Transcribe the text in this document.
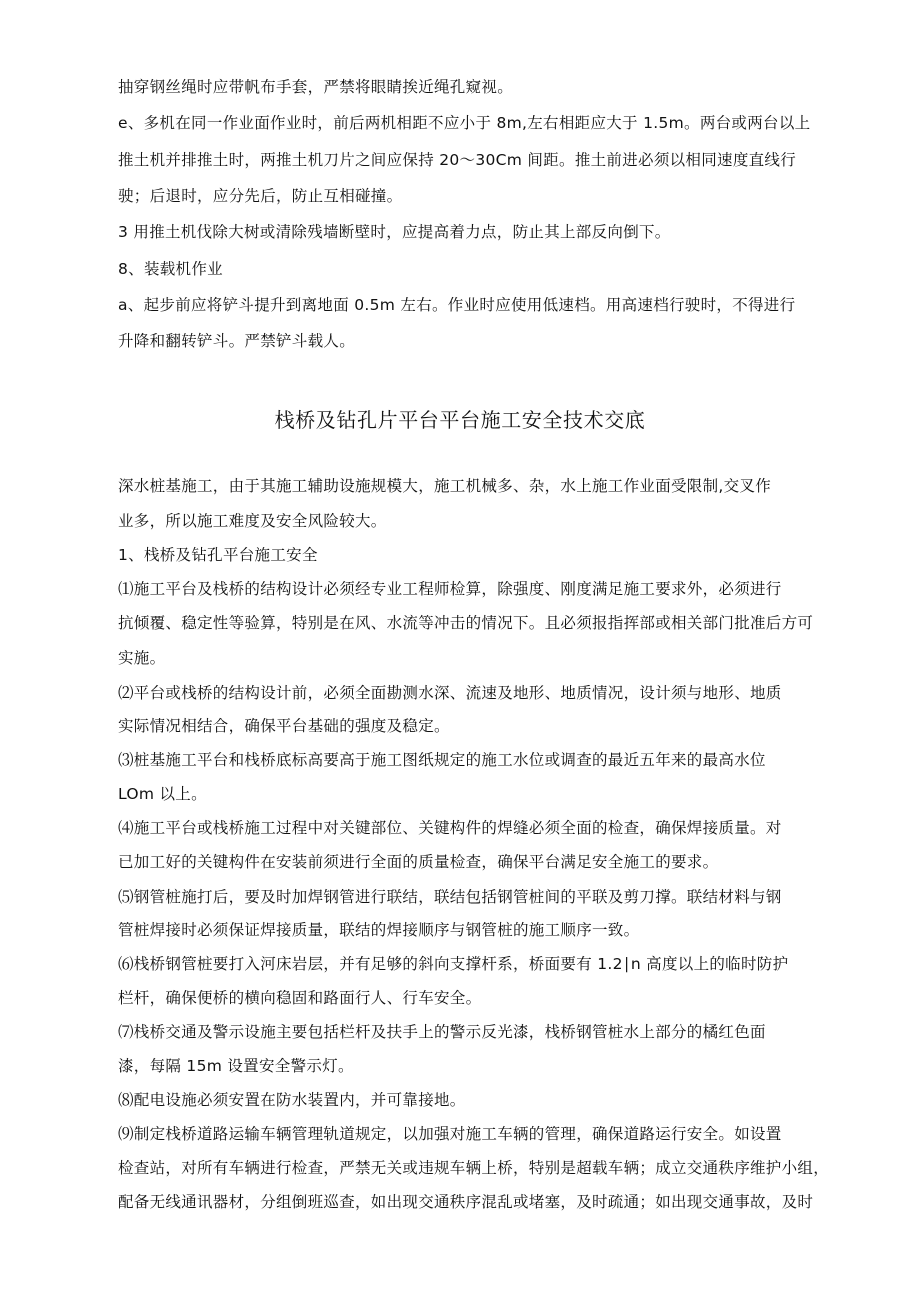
抽穿钢丝绳时应带帆布手套，严禁将眼睛挨近绳孔窥视。
e、多机在同一作业面作业时，前后两机相距不应小于 8m,左右相距应大于 1.5m。两台或两台以上
推土机并排推土时，两推土机刀片之间应保持 20～30Cm 间距。推土前进必须以相同速度直线行
驶；后退时，应分先后，防止互相碰撞。
3 用推土机伐除大树或清除残墙断壁时，应提高着力点，防止其上部反向倒下。
8、装载机作业
a、起步前应将铲斗提升到离地面 0.5m 左右。作业时应使用低速档。用高速档行驶时，不得进行
升降和翻转铲斗。严禁铲斗载人。
栈桥及钻孔片平台平台施工安全技术交底
深水桩基施工，由于其施工辅助设施规模大，施工机械多、杂，水上施工作业面受限制,交叉作
业多，所以施工难度及安全风险较大。
1、栈桥及钻孔平台施工安全
⑴施工平台及栈桥的结构设计必须经专业工程师检算，除强度、刚度满足施工要求外，必须进行
抗倾覆、稳定性等验算，特别是在风、水流等冲击的情况下。且必须报指挥部或相关部门批准后方可
实施。
⑵平台或栈桥的结构设计前，必须全面勘测水深、流速及地形、地质情况，设计须与地形、地质
实际情况相结合，确保平台基础的强度及稳定。
⑶桩基施工平台和栈桥底标高要高于施工图纸规定的施工水位或调查的最近五年来的最高水位
LOm 以上。
⑷施工平台或栈桥施工过程中对关键部位、关键构件的焊缝必须全面的检查，确保焊接质量。对
已加工好的关键构件在安装前须进行全面的质量检查，确保平台满足安全施工的要求。
⑸钢管桩施打后，要及时加焊钢管进行联结，联结包括钢管桩间的平联及剪刀撑。联结材料与钢
管桩焊接时必须保证焊接质量，联结的焊接顺序与钢管桩的施工顺序一致。
⑹栈桥钢管桩要打入河床岩层，并有足够的斜向支撑杆系，桥面要有 1.2∣n 高度以上的临时防护
栏杆，确保便桥的横向稳固和路面行人、行车安全。
⑺栈桥交通及警示设施主要包括栏杆及扶手上的警示反光漆，栈桥钢管桩水上部分的橘红色面
漆，每隔 15m 设置安全警示灯。
⑻配电设施必须安置在防水装置内，并可靠接地。
⑼制定栈桥道路运输车辆管理轨道规定，以加强对施工车辆的管理，确保道路运行安全。如设置
检查站，对所有车辆进行检查，严禁无关或违规车辆上桥，特别是超载车辆；成立交通秩序维护小组，
配备无线通讯器材，分组倒班巡查，如出现交通秩序混乱或堵塞，及时疏通；如出现交通事故，及时
